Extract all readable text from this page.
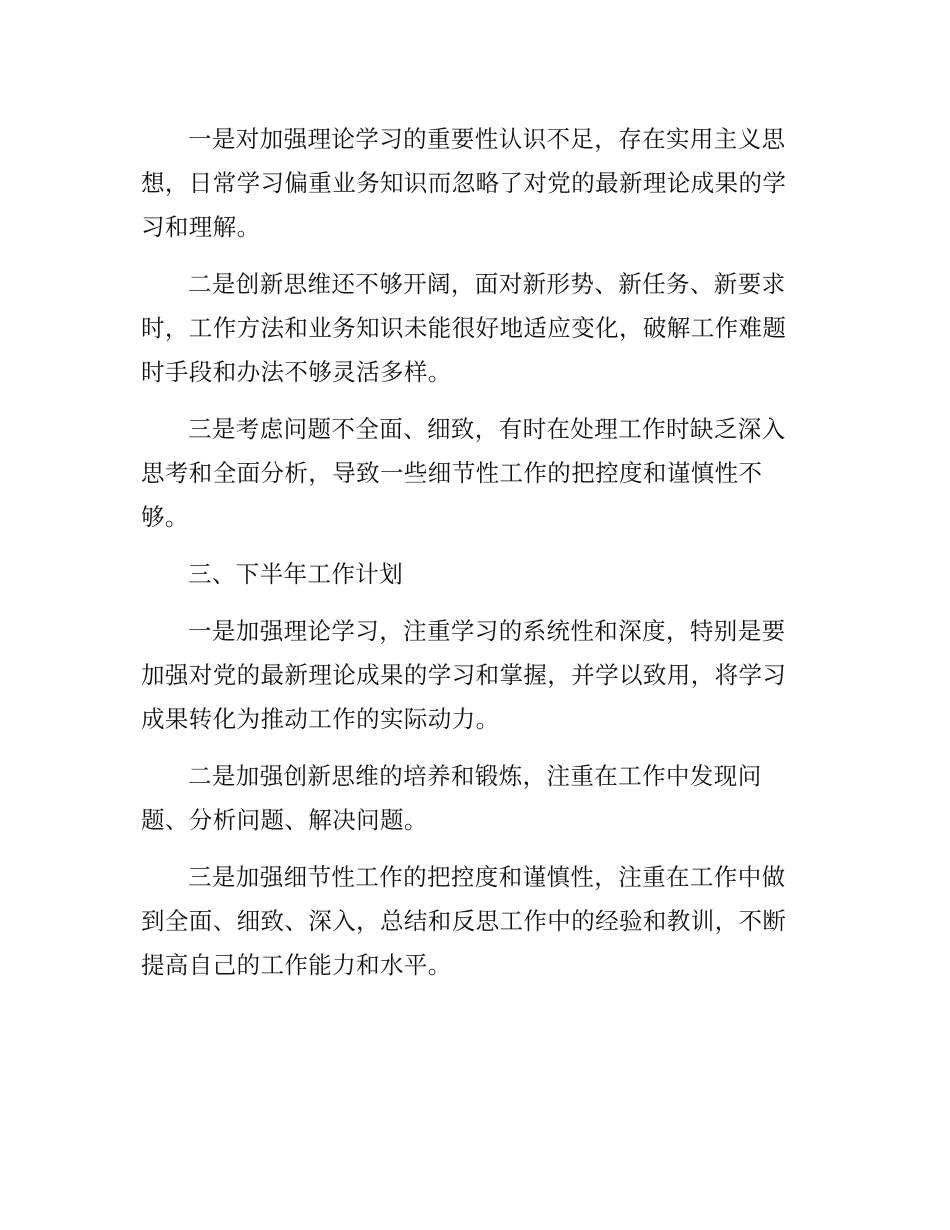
一是对加强理论学习的重要性认识不足，存在实用主义思
想，日常学习偏重业务知识而忽略了对党的最新理论成果的学
习和理解。
二是创新思维还不够开阔，面对新形势、新任务、新要求
时，工作方法和业务知识未能很好地适应变化，破解工作难题
时手段和办法不够灵活多样。
三是考虑问题不全面、细致，有时在处理工作时缺乏深入
思考和全面分析，导致一些细节性工作的把控度和谨慎性不
够。
三、下半年工作计划
一是加强理论学习，注重学习的系统性和深度，特别是要
加强对党的最新理论成果的学习和掌握，并学以致用，将学习
成果转化为推动工作的实际动力。
二是加强创新思维的培养和锻炼，注重在工作中发现问
题、分析问题、解决问题。
三是加强细节性工作的把控度和谨慎性，注重在工作中做
到全面、细致、深入，总结和反思工作中的经验和教训，不断
提高自己的工作能力和水平。
